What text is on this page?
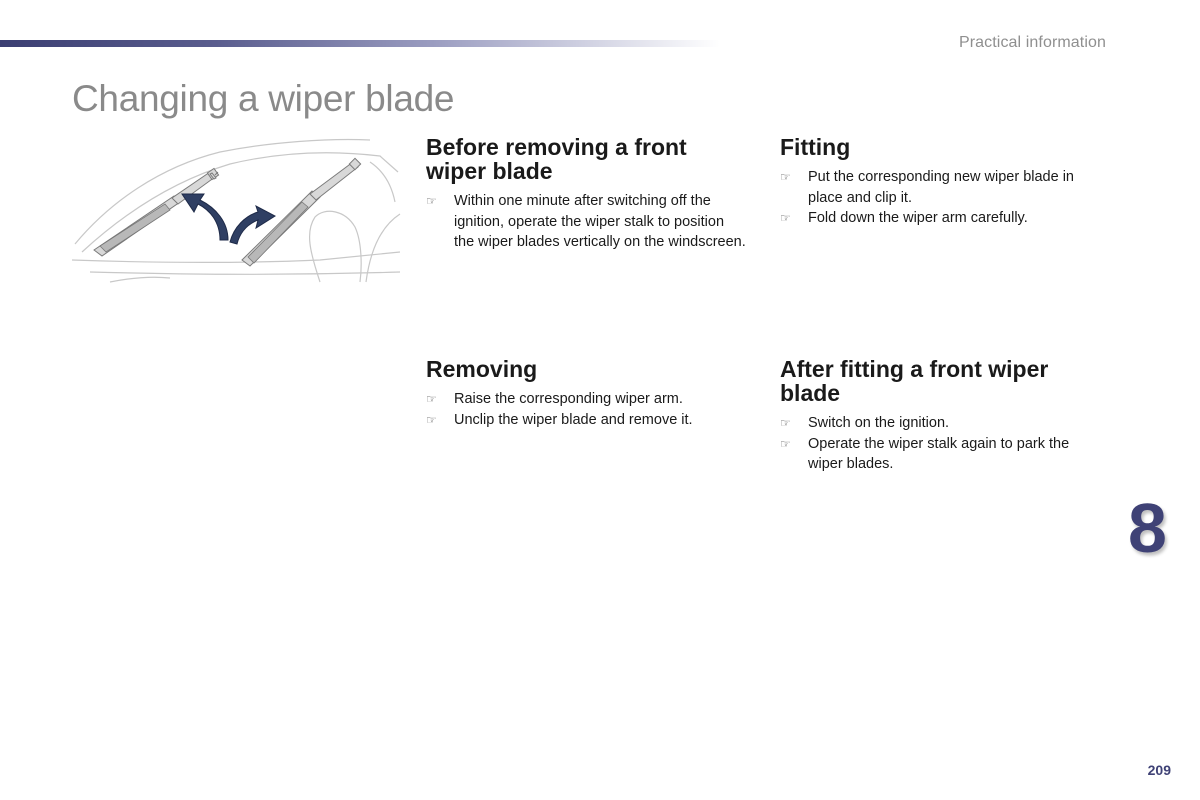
Practical information
Changing a wiper blade
Before removing a front wiper blade
☞ Within one minute after switching off the ignition, operate the wiper stalk to position the wiper blades vertically on the windscreen.
Fitting
☞ Put the corresponding new wiper blade in place and clip it.
☞ Fold down the wiper arm carefully.
Removing
☞ Raise the corresponding wiper arm.
☞ Unclip the wiper blade and remove it.
After fitting a front wiper blade
☞ Switch on the ignition.
☞ Operate the wiper stalk again to park the wiper blades.
8
209
